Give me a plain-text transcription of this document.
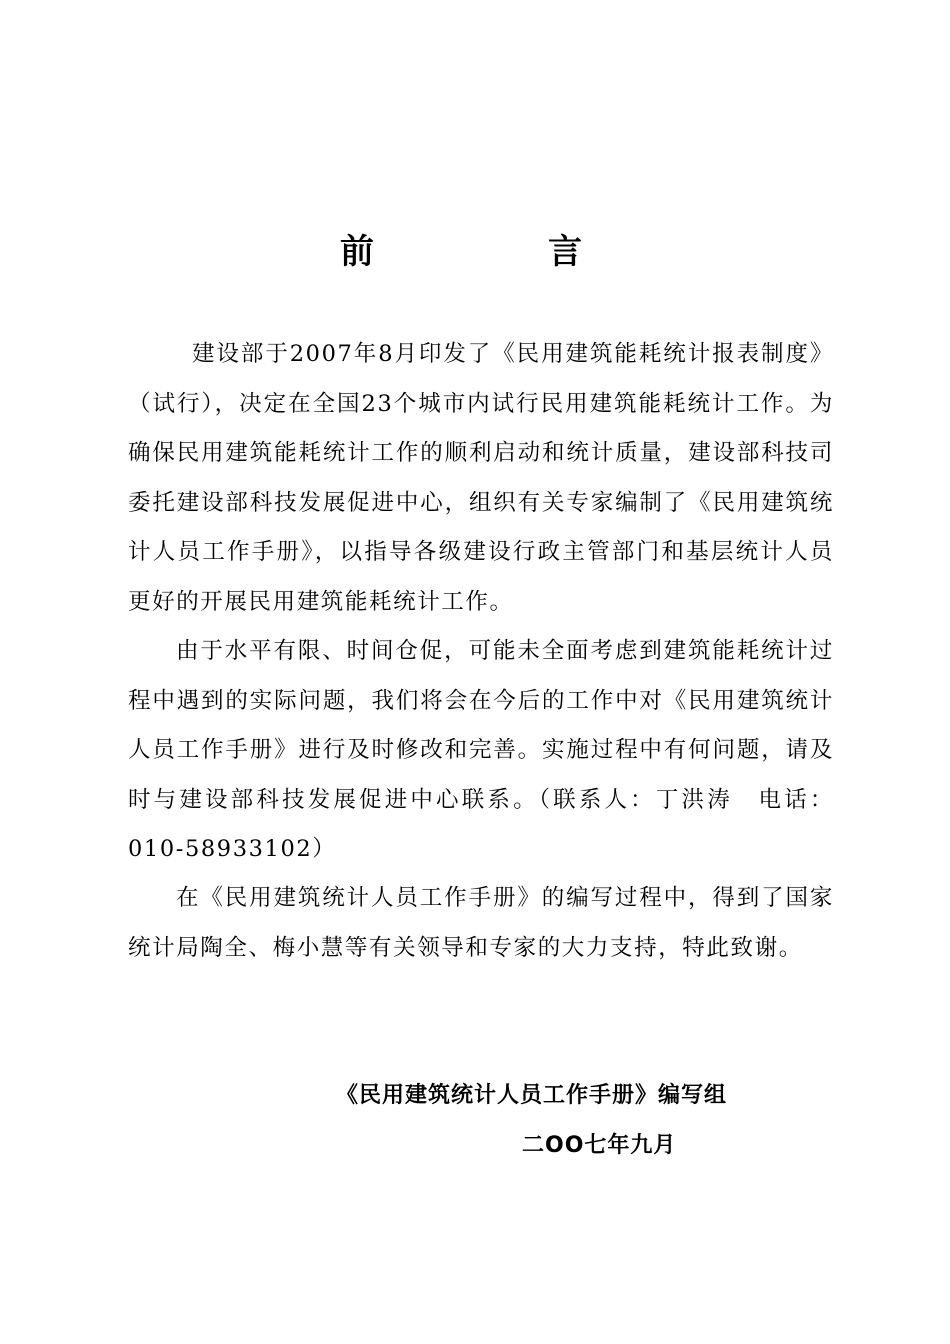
前　言

建设部于2007年8月印发了《民用建筑能耗统计报表制度》（试行），决定在全国23个城市内试行民用建筑能耗统计工作。为确保民用建筑能耗统计工作的顺利启动和统计质量，建设部科技司委托建设部科技发展促进中心，组织有关专家编制了《民用建筑统计人员工作手册》，以指导各级建设行政主管部门和基层统计人员更好的开展民用建筑能耗统计工作。

由于水平有限、时间仓促，可能未全面考虑到建筑能耗统计过程中遇到的实际问题，我们将会在今后的工作中对《民用建筑统计人员工作手册》进行及时修改和完善。实施过程中有何问题，请及时与建设部科技发展促进中心联系。（联系人：丁洪涛　电话：010-58933102）

在《民用建筑统计人员工作手册》的编写过程中，得到了国家统计局陶全、梅小慧等有关领导和专家的大力支持，特此致谢。

《民用建筑统计人员工作手册》编写组
二OO七年九月
